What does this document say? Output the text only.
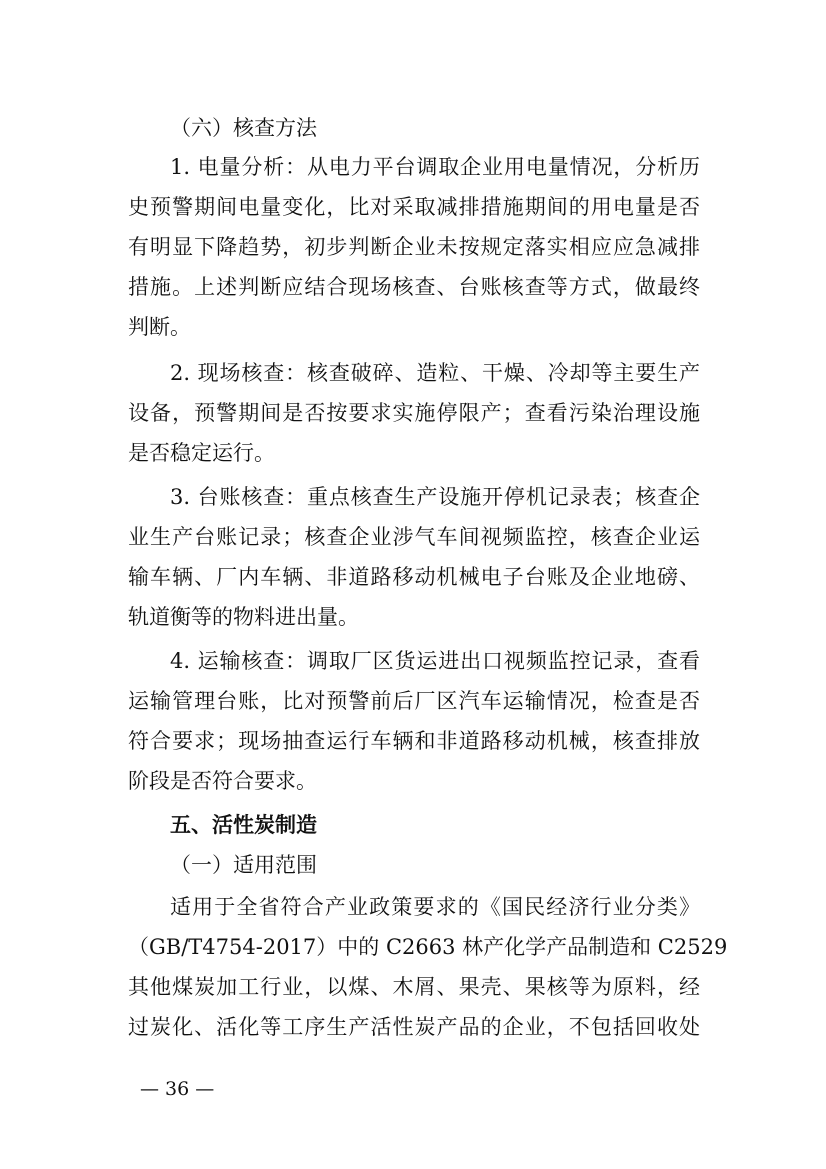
（六）核查方法
1. 电量分析：从电力平台调取企业用电量情况，分析历
史预警期间电量变化，比对采取减排措施期间的用电量是否
有明显下降趋势，初步判断企业未按规定落实相应应急减排
措施。上述判断应结合现场核查、台账核查等方式，做最终
判断。
2. 现场核查：核查破碎、造粒、干燥、冷却等主要生产
设备，预警期间是否按要求实施停限产；查看污染治理设施
是否稳定运行。
3. 台账核查：重点核查生产设施开停机记录表；核查企
业生产台账记录；核查企业涉气车间视频监控，核查企业运
输车辆、厂内车辆、非道路移动机械电子台账及企业地磅、
轨道衡等的物料进出量。
4. 运输核查：调取厂区货运进出口视频监控记录，查看
运输管理台账，比对预警前后厂区汽车运输情况，检查是否
符合要求；现场抽查运行车辆和非道路移动机械，核查排放
阶段是否符合要求。
五、活性炭制造
（一）适用范围
适用于全省符合产业政策要求的《国民经济行业分类》
（GB/T4754-2017）中的 C2663 林产化学产品制造和 C2529
其他煤炭加工行业，以煤、木屑、果壳、果核等为原料，经
过炭化、活化等工序生产活性炭产品的企业，不包括回收处
— 36 —
